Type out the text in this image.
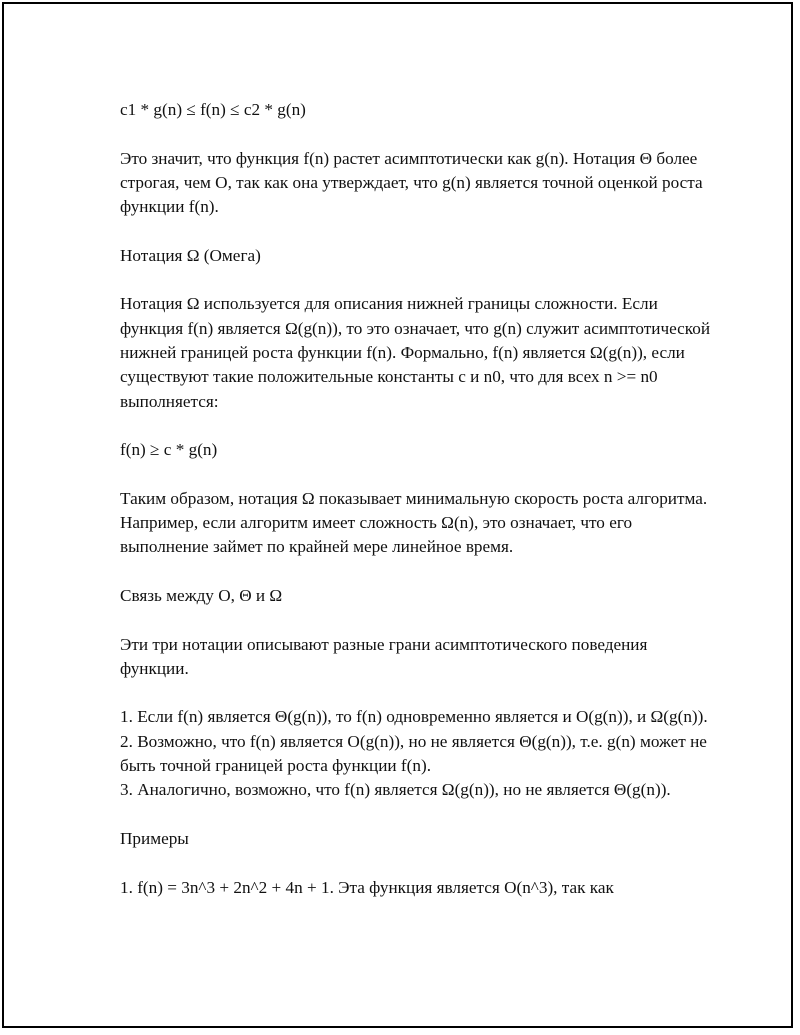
c1 * g(n) ≤ f(n) ≤ c2 * g(n)

Это значит, что функция f(n) растет асимптотически как g(n). Нотация Θ более строгая, чем O, так как она утверждает, что g(n) является точной оценкой роста функции f(n).

Нотация Ω (Омега)

Нотация Ω используется для описания нижней границы сложности. Если функция f(n) является Ω(g(n)), то это означает, что g(n) служит асимптотической нижней границей роста функции f(n). Формально, f(n) является Ω(g(n)), если существуют такие положительные константы c и n0, что для всех n >= n0 выполняется:

f(n) ≥ c * g(n)

Таким образом, нотация Ω показывает минимальную скорость роста алгоритма. Например, если алгоритм имеет сложность Ω(n), это означает, что его выполнение займет по крайней мере линейное время.

Связь между O, Θ и Ω

Эти три нотации описывают разные грани асимптотического поведения функции.

1. Если f(n) является Θ(g(n)), то f(n) одновременно является и O(g(n)), и Ω(g(n)).
2. Возможно, что f(n) является O(g(n)), но не является Θ(g(n)), т.е. g(n) может не быть точной границей роста функции f(n).
3. Аналогично, возможно, что f(n) является Ω(g(n)), но не является Θ(g(n)).

Примеры

1. f(n) = 3n^3 + 2n^2 + 4n + 1. Эта функция является O(n^3), так как
